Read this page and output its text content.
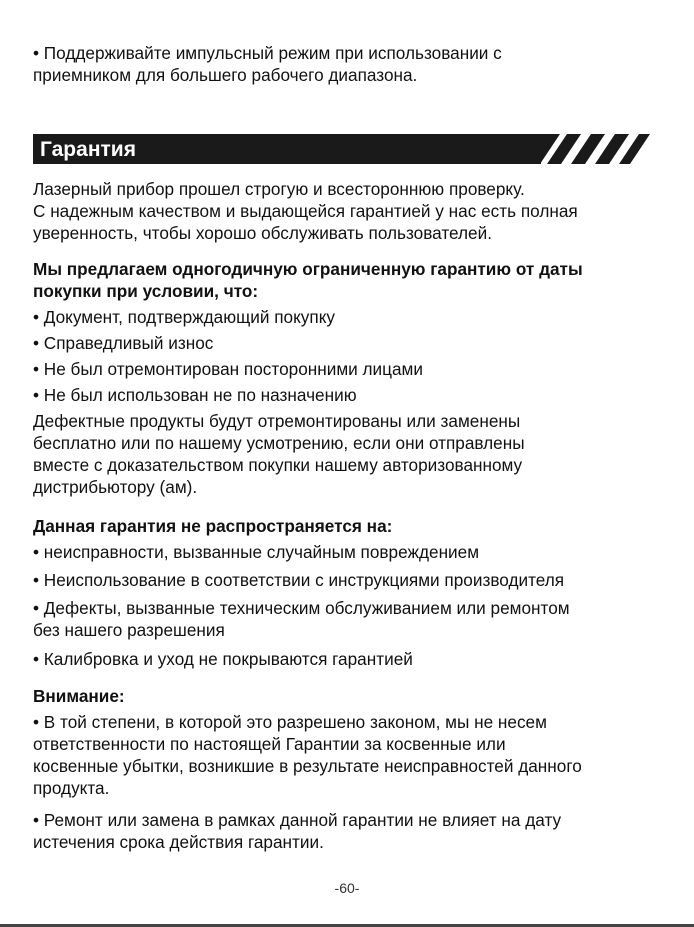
• Поддерживайте импульсный режим при использовании с
приемником для большего рабочего диапазона.
Гарантия
Лазерный прибор прошел строгую и всестороннюю проверку.
С надежным качеством и выдающейся гарантией у нас есть полная
уверенность, чтобы хорошо обслуживать пользователей.
Мы предлагаем одногодичную ограниченную гарантию от даты
покупки при условии, что:
• Документ, подтверждающий покупку
• Справедливый износ
• Не был отремонтирован посторонними лицами
• Не был использован не по назначению
Дефектные продукты будут отремонтированы или заменены
бесплатно или по нашему усмотрению, если они отправлены
вместе с доказательством покупки нашему авторизованному
дистрибьютору (ам).
Данная гарантия не распространяется на:
• неисправности, вызванные случайным повреждением
• Неиспользование в соответствии с инструкциями производителя
• Дефекты, вызванные техническим обслуживанием или ремонтом
без нашего разрешения
• Калибровка и уход не покрываются гарантией
Внимание:
• В той степени, в которой это разрешено законом, мы не несем
ответственности по настоящей Гарантии за косвенные или
косвенные убытки, возникшие в результате неисправностей данного
продукта.
• Ремонт или замена в рамках данной гарантии не влияет на дату
истечения срока действия гарантии.
-60-
